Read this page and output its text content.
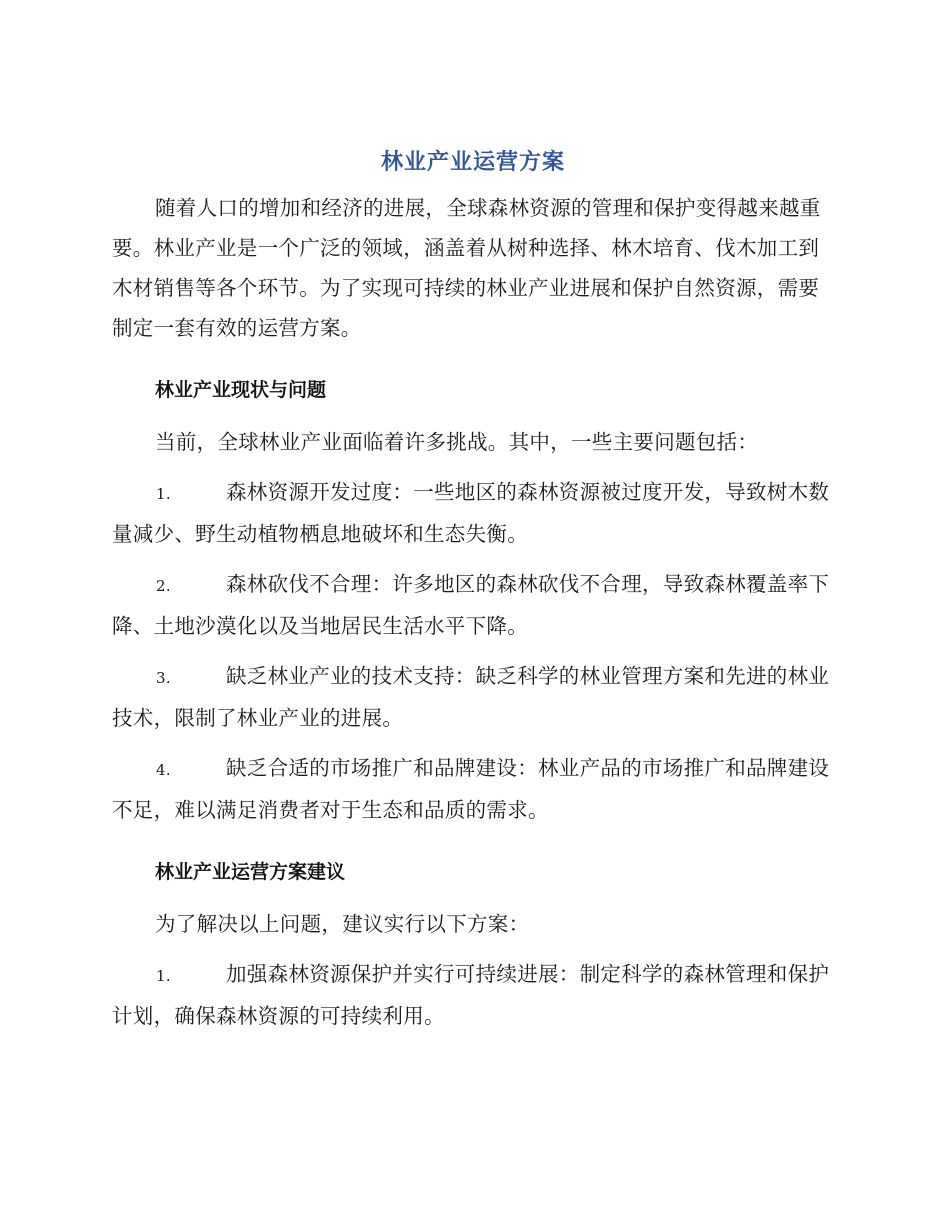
林业产业运营方案

随着人口的增加和经济的进展，全球森林资源的管理和保护变得越来越重要。林业产业是一个广泛的领域，涵盖着从树种选择、林木培育、伐木加工到木材销售等各个环节。为了实现可持续的林业产业进展和保护自然资源，需要制定一套有效的运营方案。

林业产业现状与问题

当前，全球林业产业面临着许多挑战。其中，一些主要问题包括：

1.	森林资源开发过度：一些地区的森林资源被过度开发，导致树木数量减少、野生动植物栖息地破坏和生态失衡。

2.	森林砍伐不合理：许多地区的森林砍伐不合理，导致森林覆盖率下降、土地沙漠化以及当地居民生活水平下降。

3.	缺乏林业产业的技术支持：缺乏科学的林业管理方案和先进的林业技术，限制了林业产业的进展。

4.	缺乏合适的市场推广和品牌建设：林业产品的市场推广和品牌建设不足，难以满足消费者对于生态和品质的需求。

林业产业运营方案建议

为了解决以上问题，建议实行以下方案：

1.	加强森林资源保护并实行可持续进展：制定科学的森林管理和保护计划，确保森林资源的可持续利用。
